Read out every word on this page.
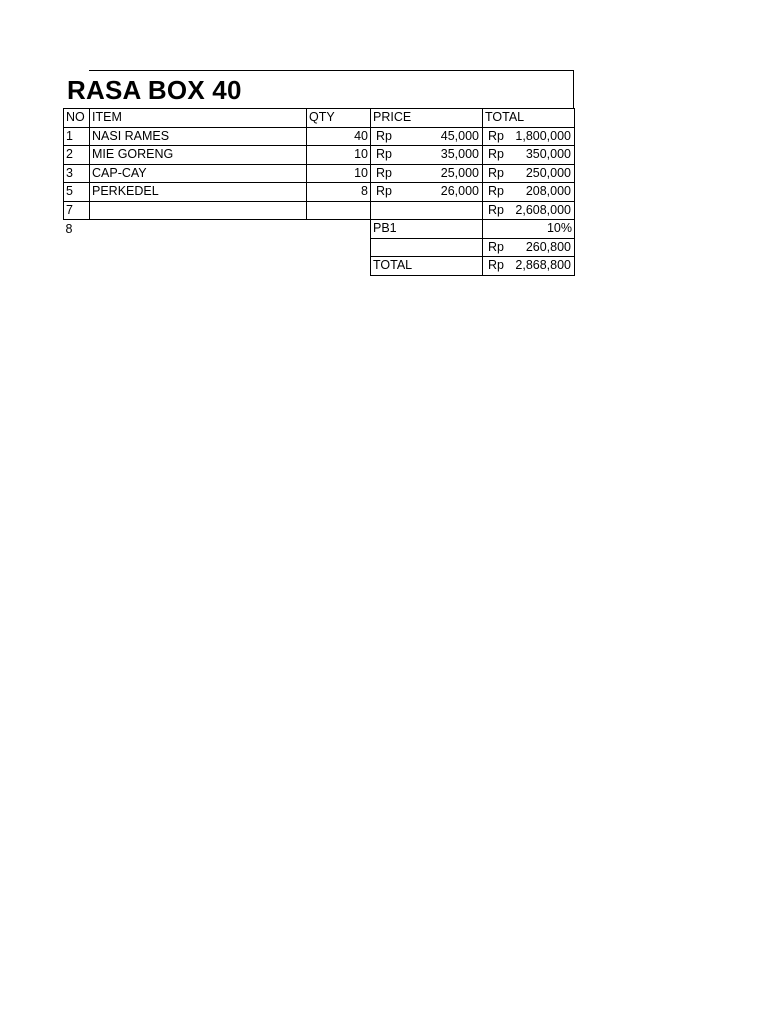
RASA BOX 40
NO	ITEM	QTY	PRICE	TOTAL
1	NASI RAMES	40	Rp 45,000	Rp 1,800,000

2	MIE GORENG	10	Rp 35,000	Rp 350,000

3	CAP-CAY	10	Rp 25,000	Rp 250,000

5	PERKEDEL	8	Rp 26,000	Rp 208,000

7				Rp 2,608,000

8			PB1	10%

				Rp 260,800

			TOTAL	Rp 2,868,800
